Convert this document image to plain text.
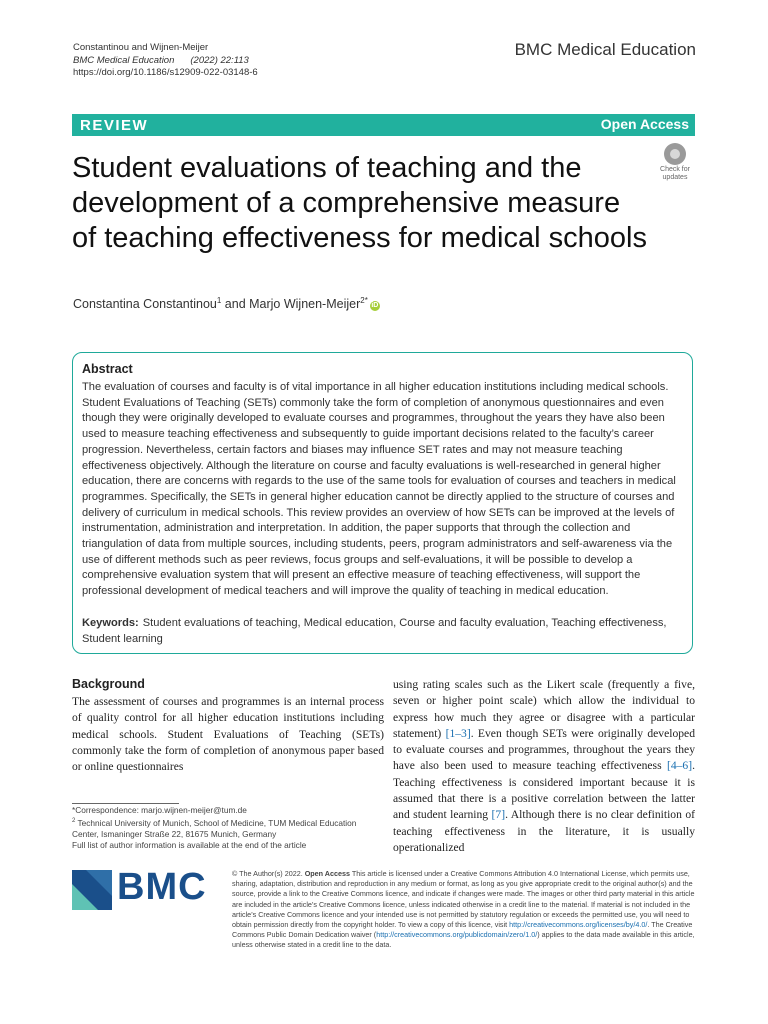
Constantinou and Wijnen-Meijer
BMC Medical Education (2022) 22:113
https://doi.org/10.1186/s12909-022-03148-6
BMC Medical Education
REVIEW	Open Access
Student evaluations of teaching and the development of a comprehensive measure of teaching effectiveness for medical schools
Check for updates
Constantina Constantinou$^1$ and Marjo Wijnen-Meijer$^{2*}$iD
Abstract
The evaluation of courses and faculty is of vital importance in all higher education institutions including medical schools. Student Evaluations of Teaching (SETs) commonly take the form of completion of anonymous questionnaires and even though they were originally developed to evaluate courses and programmes, throughout the years they have also been used to measure teaching effectiveness and subsequently to guide important decisions related to the faculty’s career progression. Nevertheless, certain factors and biases may influence SET rates and may not measure teaching effectiveness objectively. Although the literature on course and faculty evaluations is well-researched in general higher education, there are concerns with regards to the use of the same tools for evaluation of courses and teachers in medical programmes. Specifically, the SETs in general higher education cannot be directly applied to the structure of courses and delivery of curriculum in medical schools. This review provides an overview of how SETs can be improved at the levels of instrumentation, administration and interpretation. In addition, the paper supports that through the collection and triangulation of data from multiple sources, including students, peers, program administrators and self-awareness via the use of different methods such as peer reviews, focus groups and self-evaluations, it will be possible to develop a comprehensive evaluation system that will present an effective measure of teaching effectiveness, will support the professional development of medical teachers and will improve the quality of teaching in medical education.
Keywords: Student evaluations of teaching, Medical education, Course and faculty evaluation, Teaching effectiveness, Student learning
Background
The assessment of courses and programmes is an internal process of quality control for all higher education institutions including medical schools. Student Evaluations of Teaching (SETs) commonly take the form of completion of anonymous paper based or online questionnaires
using rating scales such as the Likert scale (frequently a five, seven or higher point scale) which allow the individual to express how much they agree or disagree with a particular statement) [1–3]. Even though SETs were originally developed to evaluate courses and programmes, throughout the years they have also been used to measure teaching effectiveness [4–6]. Teaching effectiveness is considered important because it is assumed that there is a positive correlation between the latter and student learning [7]. Although there is no clear definition of teaching effectiveness in the literature, it is usually operationalized
*Correspondence: marjo.wijnen-meijer@tum.de
$^2$ Technical University of Munich, School of Medicine, TUM Medical Education Center, Ismaninger Straße 22, 81675 Munich, Germany
Full list of author information is available at the end of the article
BMC	© The Author(s) 2022. Open Access This article is licensed under a Creative Commons Attribution 4.0 International License, which permits use, sharing, adaptation, distribution and reproduction in any medium or format, as long as you give appropriate credit to the original author(s) and the source, provide a link to the Creative Commons licence, and indicate if changes were made. The images or other third party material in this article are included in the article’s Creative Commons licence, unless indicated otherwise in a credit line to the material. If material is not included in the article’s Creative Commons licence and your intended use is not permitted by statutory regulation or exceeds the permitted use, you will need to obtain permission directly from the copyright holder. To view a copy of this licence, visit http://creativecommons.org/licenses/by/4.0/. The Creative Commons Public Domain Dedication waiver (http://creativecommons.org/publicdomain/zero/1.0/) applies to the data made available in this article, unless otherwise stated in a credit line to the data.
